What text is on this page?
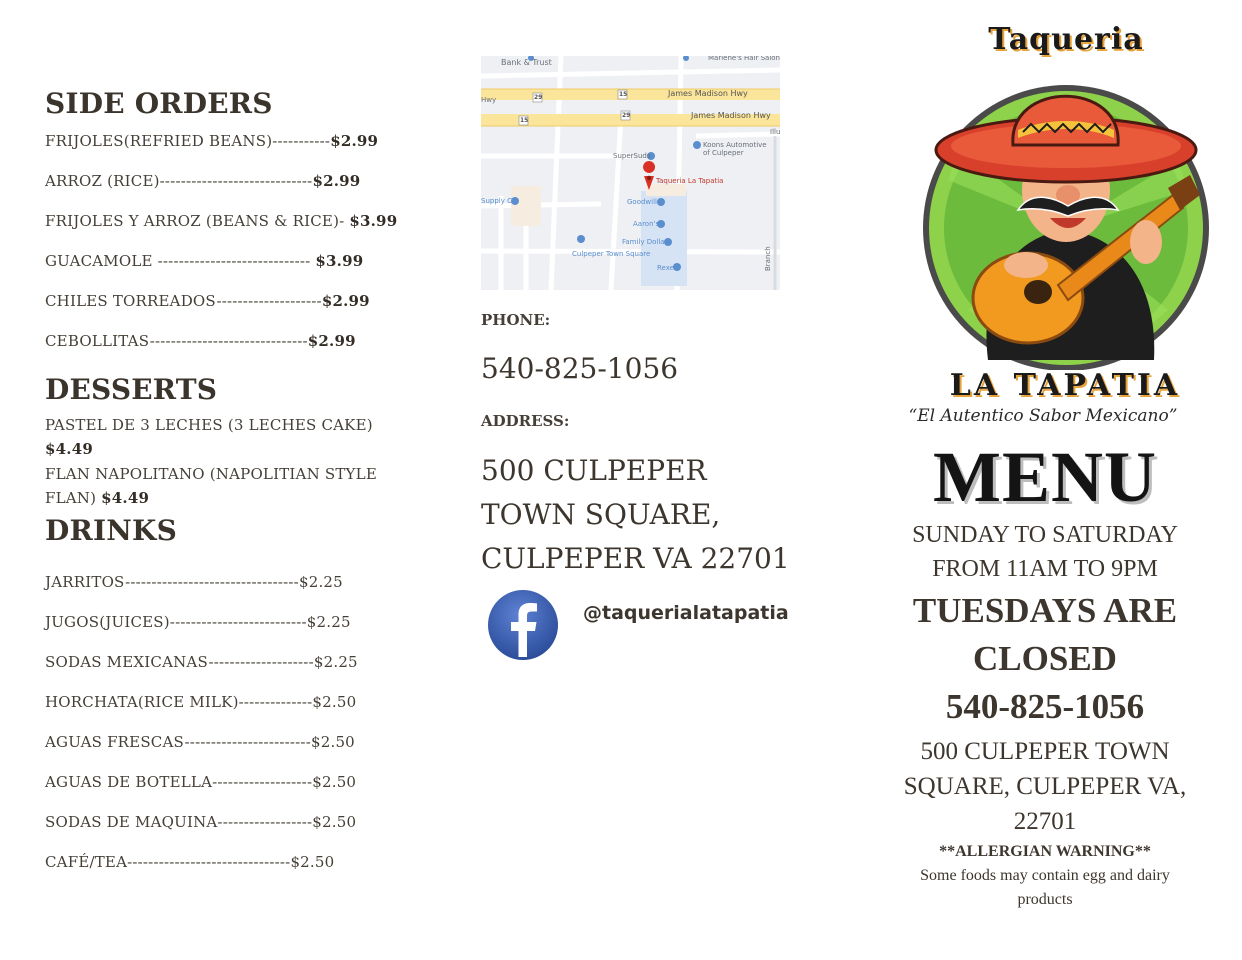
SIDE ORDERS
FRIJOLES(REFRIED BEANS)-----------$2.99
ARROZ (RICE)-----------------------------$2.99
FRIJOLES Y ARROZ (BEANS & RICE)- $3.99
GUACAMOLE ----------------------------- $3.99
CHILES TORREADOS--------------------$2.99
CEBOLLITAS------------------------------$2.99
DESSERTS
PASTEL DE 3 LECHES (3 LECHES CAKE)
$4.49
FLAN NAPOLITANO (NAPOLITIAN STYLE
FLAN) $4.49
DRINKS
JARRITOS---------------------------------$2.25
JUGOS(JUICES)--------------------------$2.25
SODAS MEXICANAS--------------------$2.25
HORCHATA(RICE MILK)--------------$2.50
AGUAS FRESCAS------------------------$2.50
AGUAS DE BOTELLA-------------------$2.50
SODAS DE MAQUINA------------------$2.50
CAFÉ/TEA-------------------------------$2.50
Bank & Trust	Marlene's Hair Salon
Hwy	29	15
15
29
James Madison Hwy
James Madison Hwy
Illu
SuperSuds
Koons Automotive
of Culpeper
Taqueria La Tapatia
Goodwill
Supply Co
Aaron's
Family Dollar
Culpeper Town Square
Rexel	Branch
PHONE:
540-825-1056
ADDRESS:
500 CULPEPER
TOWN SQUARE,
CULPEPER VA 22701
@taquerialatapatia
Taqueria
LA TAPATIA
“El Autentico Sabor Mexicano”
MENU
SUNDAY TO SATURDAY
FROM 11AM TO 9PM
TUESDAYS ARE
CLOSED
540-825-1056
500 CULPEPER TOWN
SQUARE, CULPEPER VA,
22701
**ALLERGIAN WARNING**
Some foods may contain egg and dairy
products
